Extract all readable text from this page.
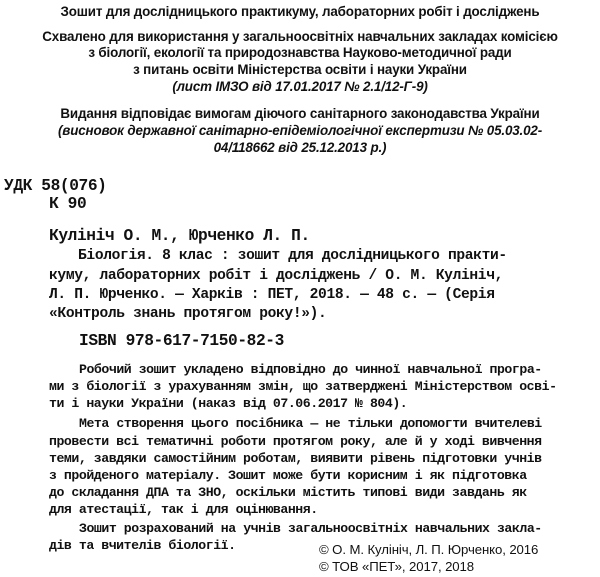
Зошит для дослідницького практикуму, лабораторних робіт і досліджень
Схвалено для використання у загальноосвітніх навчальних закладах комісією
з біології, екології та природознавства Науково-методичної ради
з питань освіти Міністерства освіти і науки України
(лист ІМЗО від 17.01.2017 № 2.1/12-Г-9)
Видання відповідає вимогам діючого санітарного законодавства України
(висновок державної санітарно-епідеміологічної експертизи № 05.03.02-
04/118662 від 25.12.2013 р.)
УДК 58(076)
К 90
Кулініч О. М., Юрченко Л. П.
Біологія. 8 клас : зошит для дослідницького практи-
куму, лабораторних робіт і досліджень / О. М. Кулініч,
Л. П. Юрченко. — Харків : ПЕТ, 2018. — 48 с. — (Серія
«Контроль знань протягом року!»).
ISBN 978-617-7150-82-3
Робочий зошит укладено відповідно до чинної навчальної програ-
ми з біології з урахуванням змін, що затверджені Міністерством осві-
ти і науки України (наказ від 07.06.2017 № 804).
Мета створення цього посібника — не тільки допомогти вчителеві
провести всі тематичні роботи протягом року, але й у ході вивчення
теми, завдяки самостійним роботам, виявити рівень підготовки учнів
з пройденого матеріалу. Зошит може бути корисним і як підготовка
до складання ДПА та ЗНО, оскільки містить типові види завдань як
для атестації, так і для оцінювання.
Зошит розрахований на учнів загальноосвітніх навчальних закла-
дів та вчителів біології.	© О. М. Кулініч, Л. П. Юрченко, 2016
© ТОВ «ПЕТ», 2017, 2018
